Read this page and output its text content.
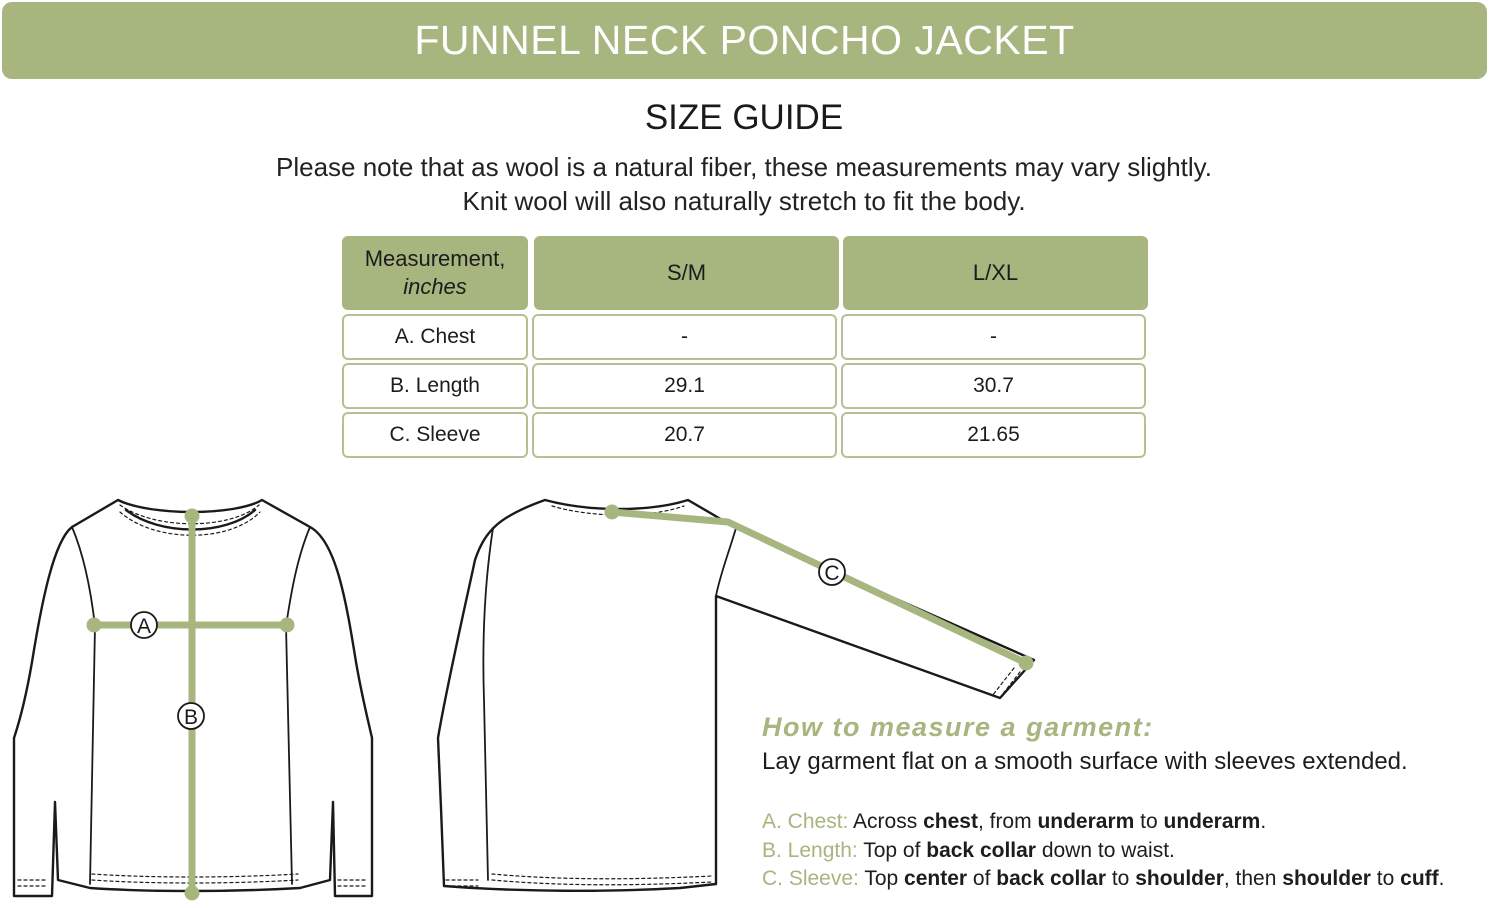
FUNNEL NECK PONCHO JACKET
SIZE GUIDE
Please note that as wool is a natural fiber, these measurements may vary slightly.
Knit wool will also naturally stretch to fit the body.
Measurement,
inches
S/M	L/XL
A. Chest	-	-
B. Length	29.1	30.7
C. Sleeve	20.7	21.65
A
B
C
How to measure a garment:
Lay garment flat on a smooth surface with sleeves extended.
A. Chest: Across chest, from underarm to underarm.
B. Length: Top of back collar down to waist.
C. Sleeve: Top center of back collar to shoulder, then shoulder to cuff.
